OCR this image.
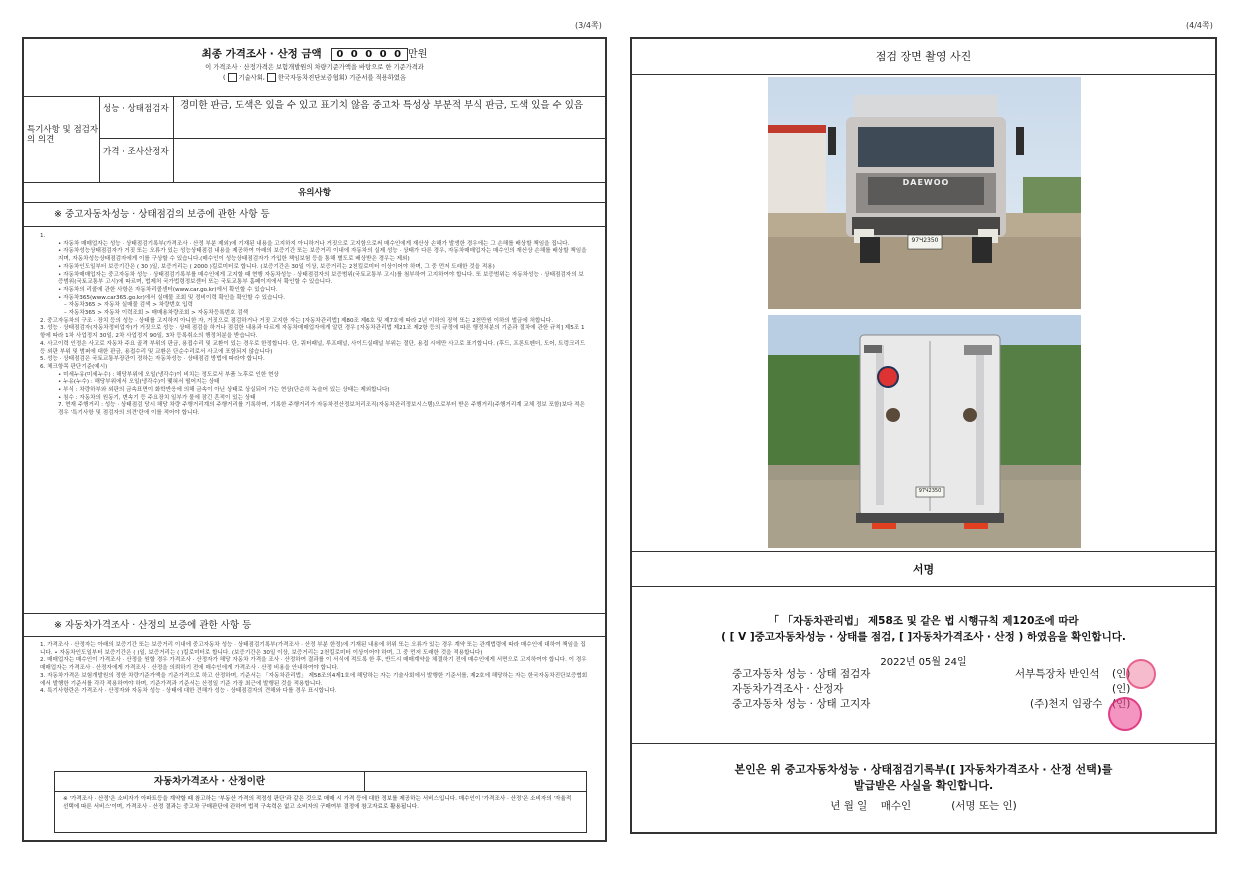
(3/4쪽)	(4/4쪽)
최종 가격조사 · 산정 금액 0 0 0 0 0 만원
이 가격조사 · 산정가격은 보험개발원의 차량기준가액을 바탕으로 한 기준가격과
( 기술사회, 한국자동차진단보증협회) 기준서를 적용하였음
특기사항 및 점검자의 의견
성능 · 상태점검자	경미한 판금, 도색은 있을 수 있고 표기치 않음 중고차 특성상 부분적 부식 판금, 도색 있을 수 있음
가격 · 조사산정자
유의사항
※ 중고자동차성능 · 상태점검의 보증에 관한 사항 등
1.
• 자동차 매매업자는 성능 · 상태점검기록부(가격조사 · 산정 부분 제외)에 기재된 내용을 고지하지 아니하거나 거짓으로 고지함으로써 매수인에게 재산상 손해가 발생한 경우에는 그 손해를 배상할 책임을 집니다.
• 자동차성능상태점검자가 거짓 또는 오류가 있는 성능상태점검 내용을 제공하여 아래의 보증기간 또는 보증거리 이내에 자동차의 실제 성능 · 상태가 다른 경우, 자동차매매업자는 매수인의 재산상 손해를 배상할 책임을 지며, 자동차성능상태점검자에게 이를 구상할 수 있습니다.(매수인이 성능상태점검자가 가입한 책임보험 등을 통해 별도로 배상받은 경우는 제외)
• 자동차인도일부터 보증기간은 ( 30 )일, 보증거리는 ( 2000 )킬로미터로 합니다. (보증기간은 30일 이상, 보증거리는 2천킬로미터 이상이어야 하며, 그 중 먼저 도래한 것을 적용)
• 자동차매매업자는 중고자동차 성능 · 상태점검기록부를 매수인에게 고지할 때 현행 자동차성능 · 상태점검자의 보증범위(국토교통부 고시)를 첨부하여 고지하여야 합니다. 또 보증범위는 자동차성능 · 상태점검자의 보증범위(국토교통부 고시)에 따르며, 법제처 국가법령정보센터 또는 국토교통부 홈페이지에서 확인할 수 있습니다.
• 자동차의 리콜에 관한 사항은 자동차리콜센터(www.car.go.kr)에서 확인할 수 있습니다.
• 자동차365(www.car365.go.kr)에서 실매물 조회 및 정비이력 확인을 확인할 수 있습니다.
– 자동차365 > 자동차 실매물 검색 > 차량번호 입력
– 자동차365 > 자동차 이력조회 > 매매용차량조회 > 자동차등록번호 검색
2. 중고자동차의 구조 · 장치 등의 성능 · 상태를 고지하지 아니한 자, 거짓으로 점검하거나 거짓 고지한 자는 [자동차관리법] 제80조 제6호 및 제7호에 따라 2년 이하의 징역 또는 2천만원 이하의 벌금에 처합니다.
3. 성능 · 상태점검자(자동차정비업자)가 거짓으로 성능 · 상태 점검을 하거나 점검한 내용과 다르게 자동차매매업자에게 알린 경우 [자동차관리법 제21조 제2항 등의 규정에 따른 행정처분의 기준과 절차에 관한 규칙] 제5조 1항에 따라 1차 사업정지 30일, 2차 사업정지 90일, 3차 등록취소의 행정처분을 받습니다.
4. 사고이력 인정은 사고로 자동차 주요 골격 부위의 판금, 용접수리 및 교환이 있는 경우로 한정합니다. 단, 쿼터패널, 루프패널, 사이드실패널 부위는 절단, 용접 시에만 사고로 표기합니다. (후드, 프론트펜더, 도어, 트렁크리드 등 외판 부위 및 범퍼에 대한 판금, 용접수리 및 교환은 단순수리로서 사고에 포함되지 않습니다)
5. 성능 · 상태점검은 국토교통부장관이 정하는 자동차성능 · 상태점검 방법에 따라야 합니다.
6. 체크항목 판단기준(예시)
• 미세누유(미세누수) : 해당부위에 오일(냉각수)이 비치는 정도로서 부품 노후로 인한 현상
• 누유(누수) : 해당부위에서 오일(냉각수)이 맺혀서 떨어지는 상태
• 부식 : 차량하부와 외판의 금속표면이 화학반응에 의해 금속이 아닌 상태로 상실되어 가는 현상(단순히 녹슬어 있는 상태는 제외합니다)
• 침수 : 자동차의 원동기, 변속기 등 주요장치 일부가 물에 잠긴 흔적이 있는 상태
7. 현재 주행거리 : 성능 · 상태점검 당시 해당 차량 주행거리계의 주행거리를 기록하며, 기록한 주행거리가 자동차전산정보처리조직(자동차관리정보시스템)으로부터 받은 주행거리(주행거리계 교체 정보 포함)보다 적은 경우 '특기사항 및 점검자의 의견'란에 이를 적어야 합니다.
※ 자동차가격조사 · 산정의 보증에 관한 사항 등
1. 가격조사 · 산정자는 아래의 보증기간 또는 보증거리 이내에 중고자동차 성능 · 상태점검기록부(가격조사 · 산정 부분 한정)에 기재된 내용에 허위 또는 오류가 있는 경우 계약 또는 관계법령에 따라 매수인에 대하여 책임을 집니다. • 자동차인도일부터 보증기간은 ( )일, 보증거리는 ( )킬로미터로 합니다. (보증기간은 30일 이상, 보증거리는 2천킬로미터 이상이어야 하며, 그 중 먼저 도래한 것을 적용합니다)
2. 매매업자는 매수인이 가격조사 · 산정을 원할 경우 가격조사 · 산정자가 해당 자동차 가격을 조사 · 산정하여 결과를 이 서식에 적도록 한 후, 반드시 매매계약을 체결하기 전에 매수인에게 서면으로 고지하여야 합니다. 이 경우 매매업자는 가격조사 · 산정자에게 가격조사 · 산정을 의뢰하기 전에 매수인에게 가격조사 · 산정 비용을 안내하여야 합니다.
3. 자동차가격은 보험개발원의 정한 차량기준가액을 기준가격으로 하고 산정하며, 기준서는 「자동차관리법」 제58조의4제1호에 해당하는 자는 기술사회에서 발행한 기준서를, 제2호에 해당하는 자는 한국자동차진단보증협회에서 발행한 기준서를 각각 적용하여야 하며, 기준가격과 기준서는 산정일 기준 가장 최근에 발행된 것을 적용합니다.
4. 특기사항란은 가격조사 · 산정자와 자동차 성능 · 상태에 대한 견해가 성능 · 상태점검자의 견해와 다를 경우 표시합니다.
자동차가격조사 · 산정이란
※ '가격조사 · 산정'은 소비자가 아파트등을 계약할 때 참고하는 '부동산 가격의 적정성 판단'과 같은 것으로 매매 시 가격 등에 대한 정보를 제공하는 서비스입니다. 매수인이 '가격조사 · 산정'은 소비자의 '자율적 선택에 따른 서비스'이며, 가격조사 · 산정 결과는 중고차 구매판단에 관하여 법적 구속력은 없고 소비자의 구매여부 결정에 참고자료로 활용됩니다.
점검 장면 촬영 사진
DAEWOO
97Ч2350
97Ч2350
서명
「 「자동차관리법」 제58조 및 같은 법 시행규칙 제120조에 따라
( [ V ]중고자동차성능 · 상태를 점검, [ ]자동차가격조사 · 산정 ) 하였음을 확인합니다.
2022년 05월 24일
중고자동차 성능 · 상태 점검자	서부특장차 반인석 (인)
자동차가격조사 · 산정자	(인)
중고자동차 성능 · 상태 고지자	(주)천지 임광수
본인은 위 중고자동차성능 · 상태점검기록부([ ]자동차가격조사 · 산정 선택)를
발급받은 사실을 확인합니다.
년 월 일 매수인	(서명 또는 인)
